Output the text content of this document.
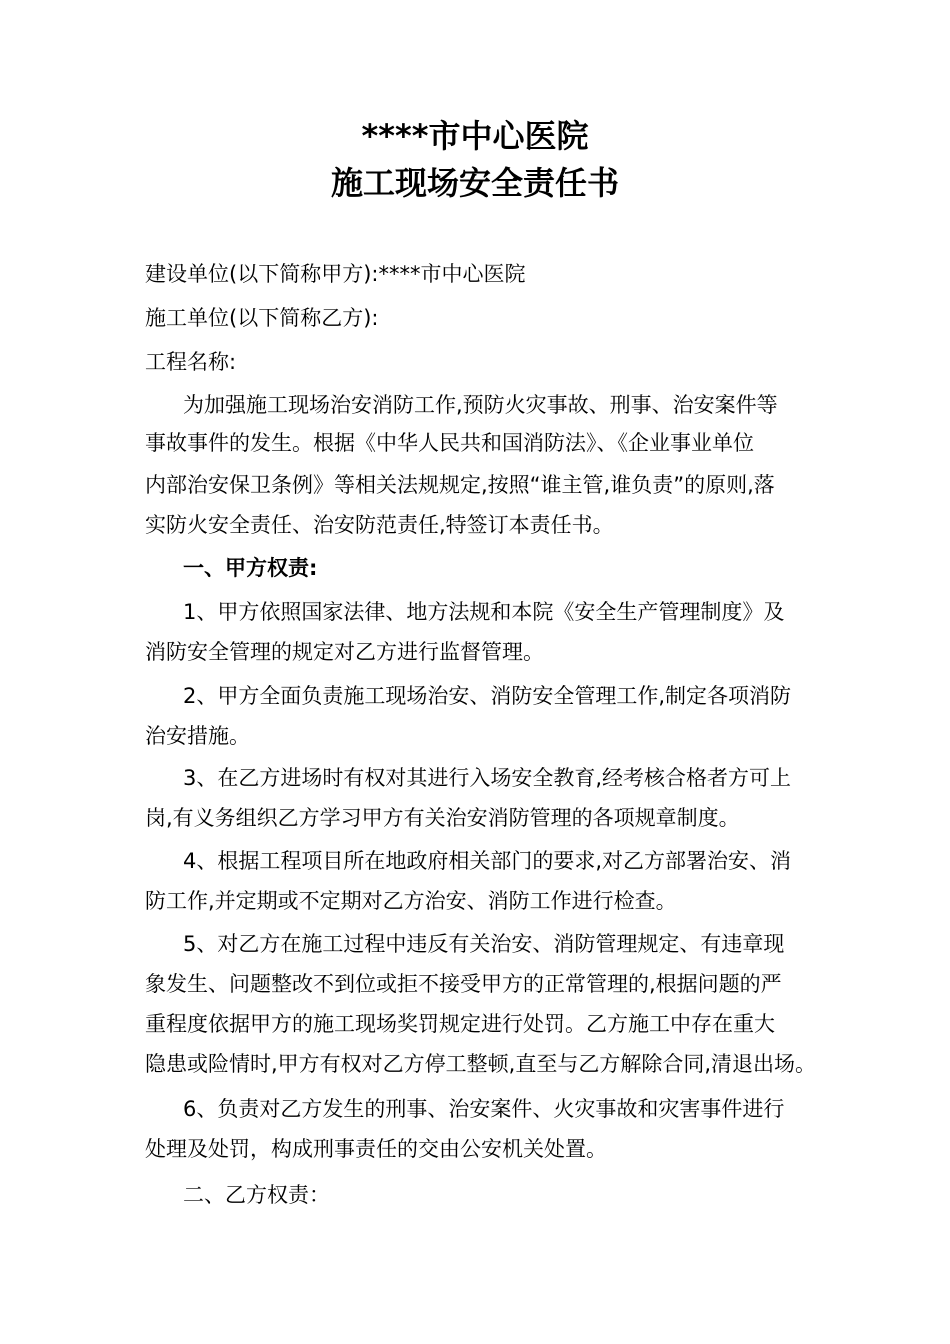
****市中心医院
施工现场安全责任书
建设单位(以下简称甲方):****市中心医院
施工单位(以下简称乙方):
工程名称:
为加强施工现场治安消防工作,预防火灾事故、刑事、治安案件等
事故事件的发生。根据《中华人民共和国消防法》、《企业事业单位
内部治安保卫条例》等相关法规规定,按照“谁主管,谁负责”的原则,落
实防火安全责任、治安防范责任,特签订本责任书。
一、甲方权责:
1、甲方依照国家法律、地方法规和本院《安全生产管理制度》及
消防安全管理的规定对乙方进行监督管理。
2、甲方全面负责施工现场治安、消防安全管理工作,制定各项消防
治安措施。
3、在乙方进场时有权对其进行入场安全教育,经考核合格者方可上
岗,有义务组织乙方学习甲方有关治安消防管理的各项规章制度。
4、根据工程项目所在地政府相关部门的要求,对乙方部署治安、消
防工作,并定期或不定期对乙方治安、消防工作进行检查。
5、对乙方在施工过程中违反有关治安、消防管理规定、有违章现
象发生、问题整改不到位或拒不接受甲方的正常管理的,根据问题的严
重程度依据甲方的施工现场奖罚规定进行处罚。乙方施工中存在重大
隐患或险情时,甲方有权对乙方停工整顿,直至与乙方解除合同,清退出场。
6、负责对乙方发生的刑事、治安案件、火灾事故和灾害事件进行
处理及处罚，构成刑事责任的交由公安机关处置。
二、乙方权责：
